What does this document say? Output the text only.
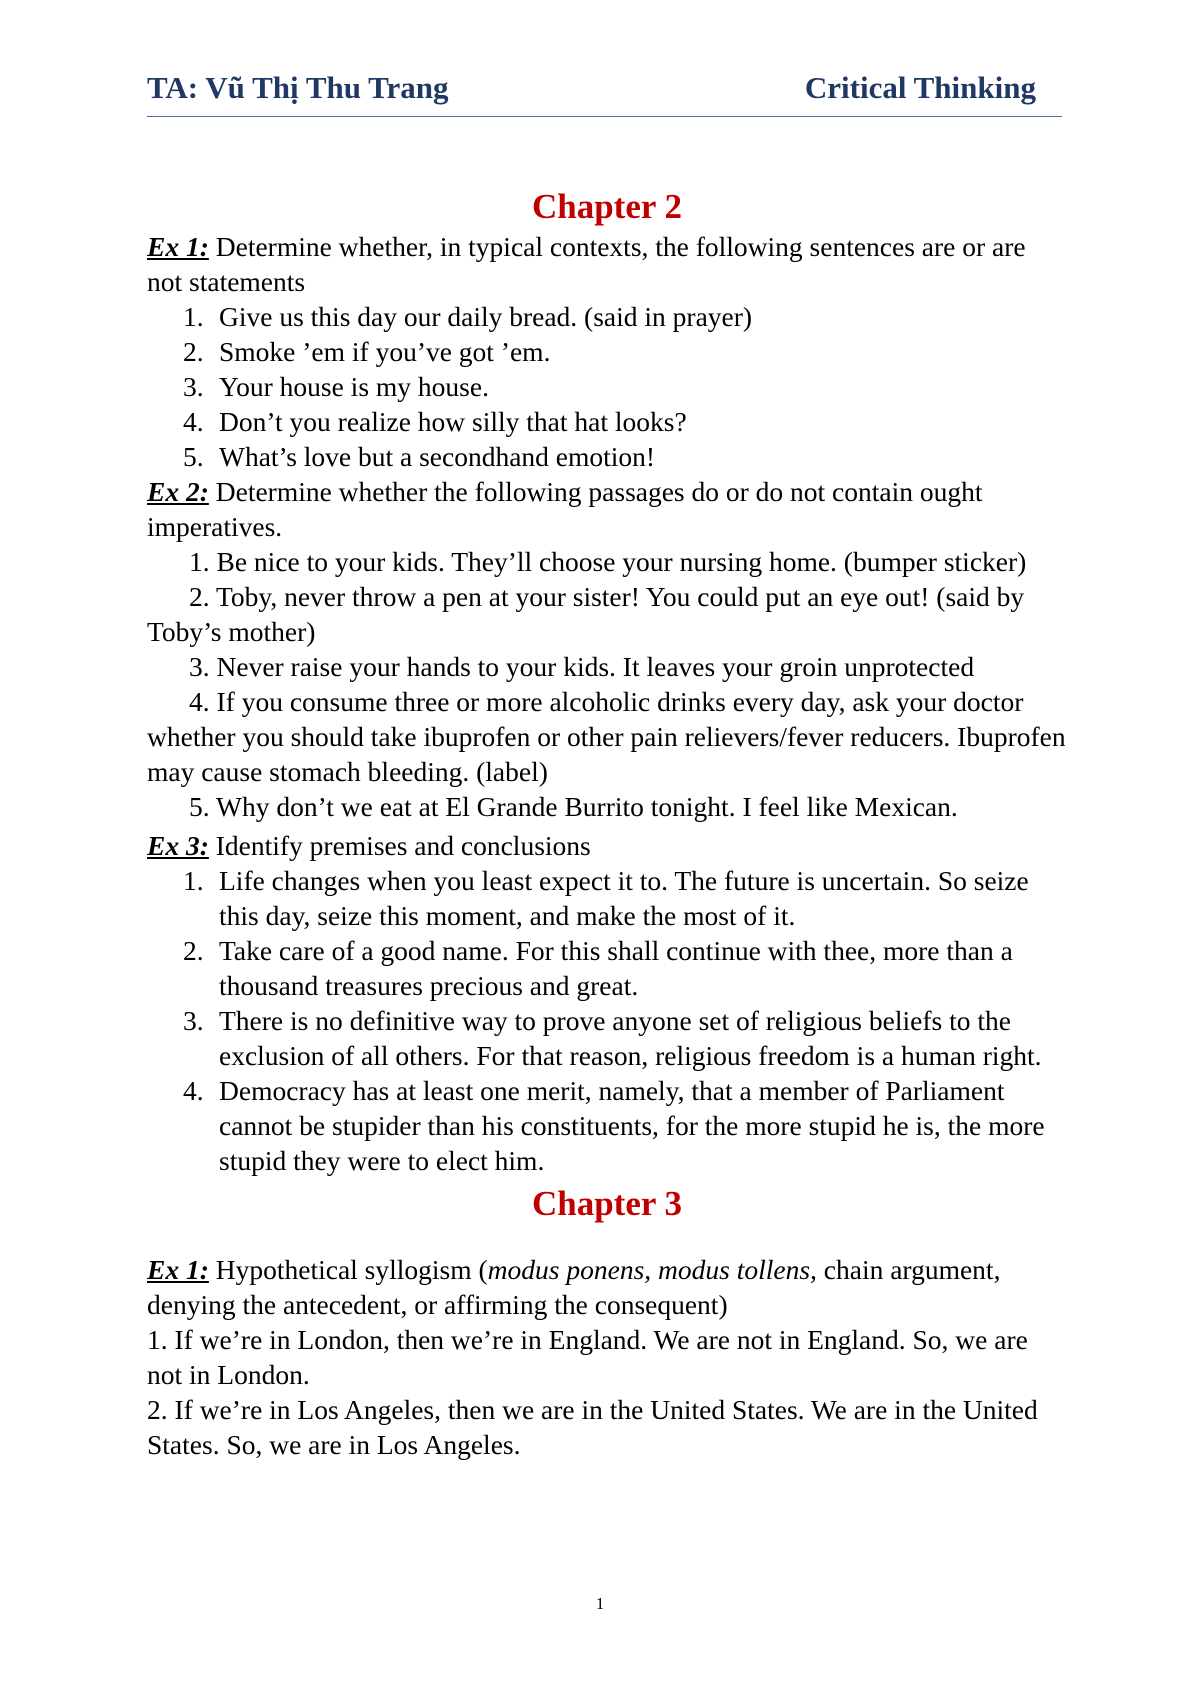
TA: Vũ Thị Thu Trang	Critical Thinking
Chapter 2

Ex 1: Determine whether, in typical contexts, the following sentences are or are not statements

1. Give us this day our daily bread. (said in prayer)
2. Smoke ’em if you’ve got ’em.
3. Your house is my house.
4. Don’t you realize how silly that hat looks?
5. What’s love but a secondhand emotion!

Ex 2: Determine whether the following passages do or do not contain ought imperatives.

1. Be nice to your kids. They’ll choose your nursing home. (bumper sticker)

2. Toby, never throw a pen at your sister! You could put an eye out! (said by Toby’s mother)

3. Never raise your hands to your kids. It leaves your groin unprotected

4. If you consume three or more alcoholic drinks every day, ask your doctor whether you should take ibuprofen or other pain relievers/fever reducers. Ibuprofen may cause stomach bleeding. (label)

5. Why don’t we eat at El Grande Burrito tonight. I feel like Mexican.

Ex 3: Identify premises and conclusions

1. Life changes when you least expect it to. The future is uncertain. So seize this day, seize this moment, and make the most of it.
2. Take care of a good name. For this shall continue with thee, more than a thousand treasures precious and great.
3. There is no definitive way to prove anyone set of religious beliefs to the exclusion of all others. For that reason, religious freedom is a human right.
4. Democracy has at least one merit, namely, that a member of Parliament cannot be stupider than his constituents, for the more stupid he is, the more stupid they were to elect him.
Chapter 3

Ex 1: Hypothetical syllogism (modus ponens, modus tollens, chain argument, denying the antecedent, or affirming the consequent)

1. If we’re in London, then we’re in England. We are not in England. So, we are not in London.

2. If we’re in Los Angeles, then we are in the United States. We are in the United States. So, we are in Los Angeles.

1
